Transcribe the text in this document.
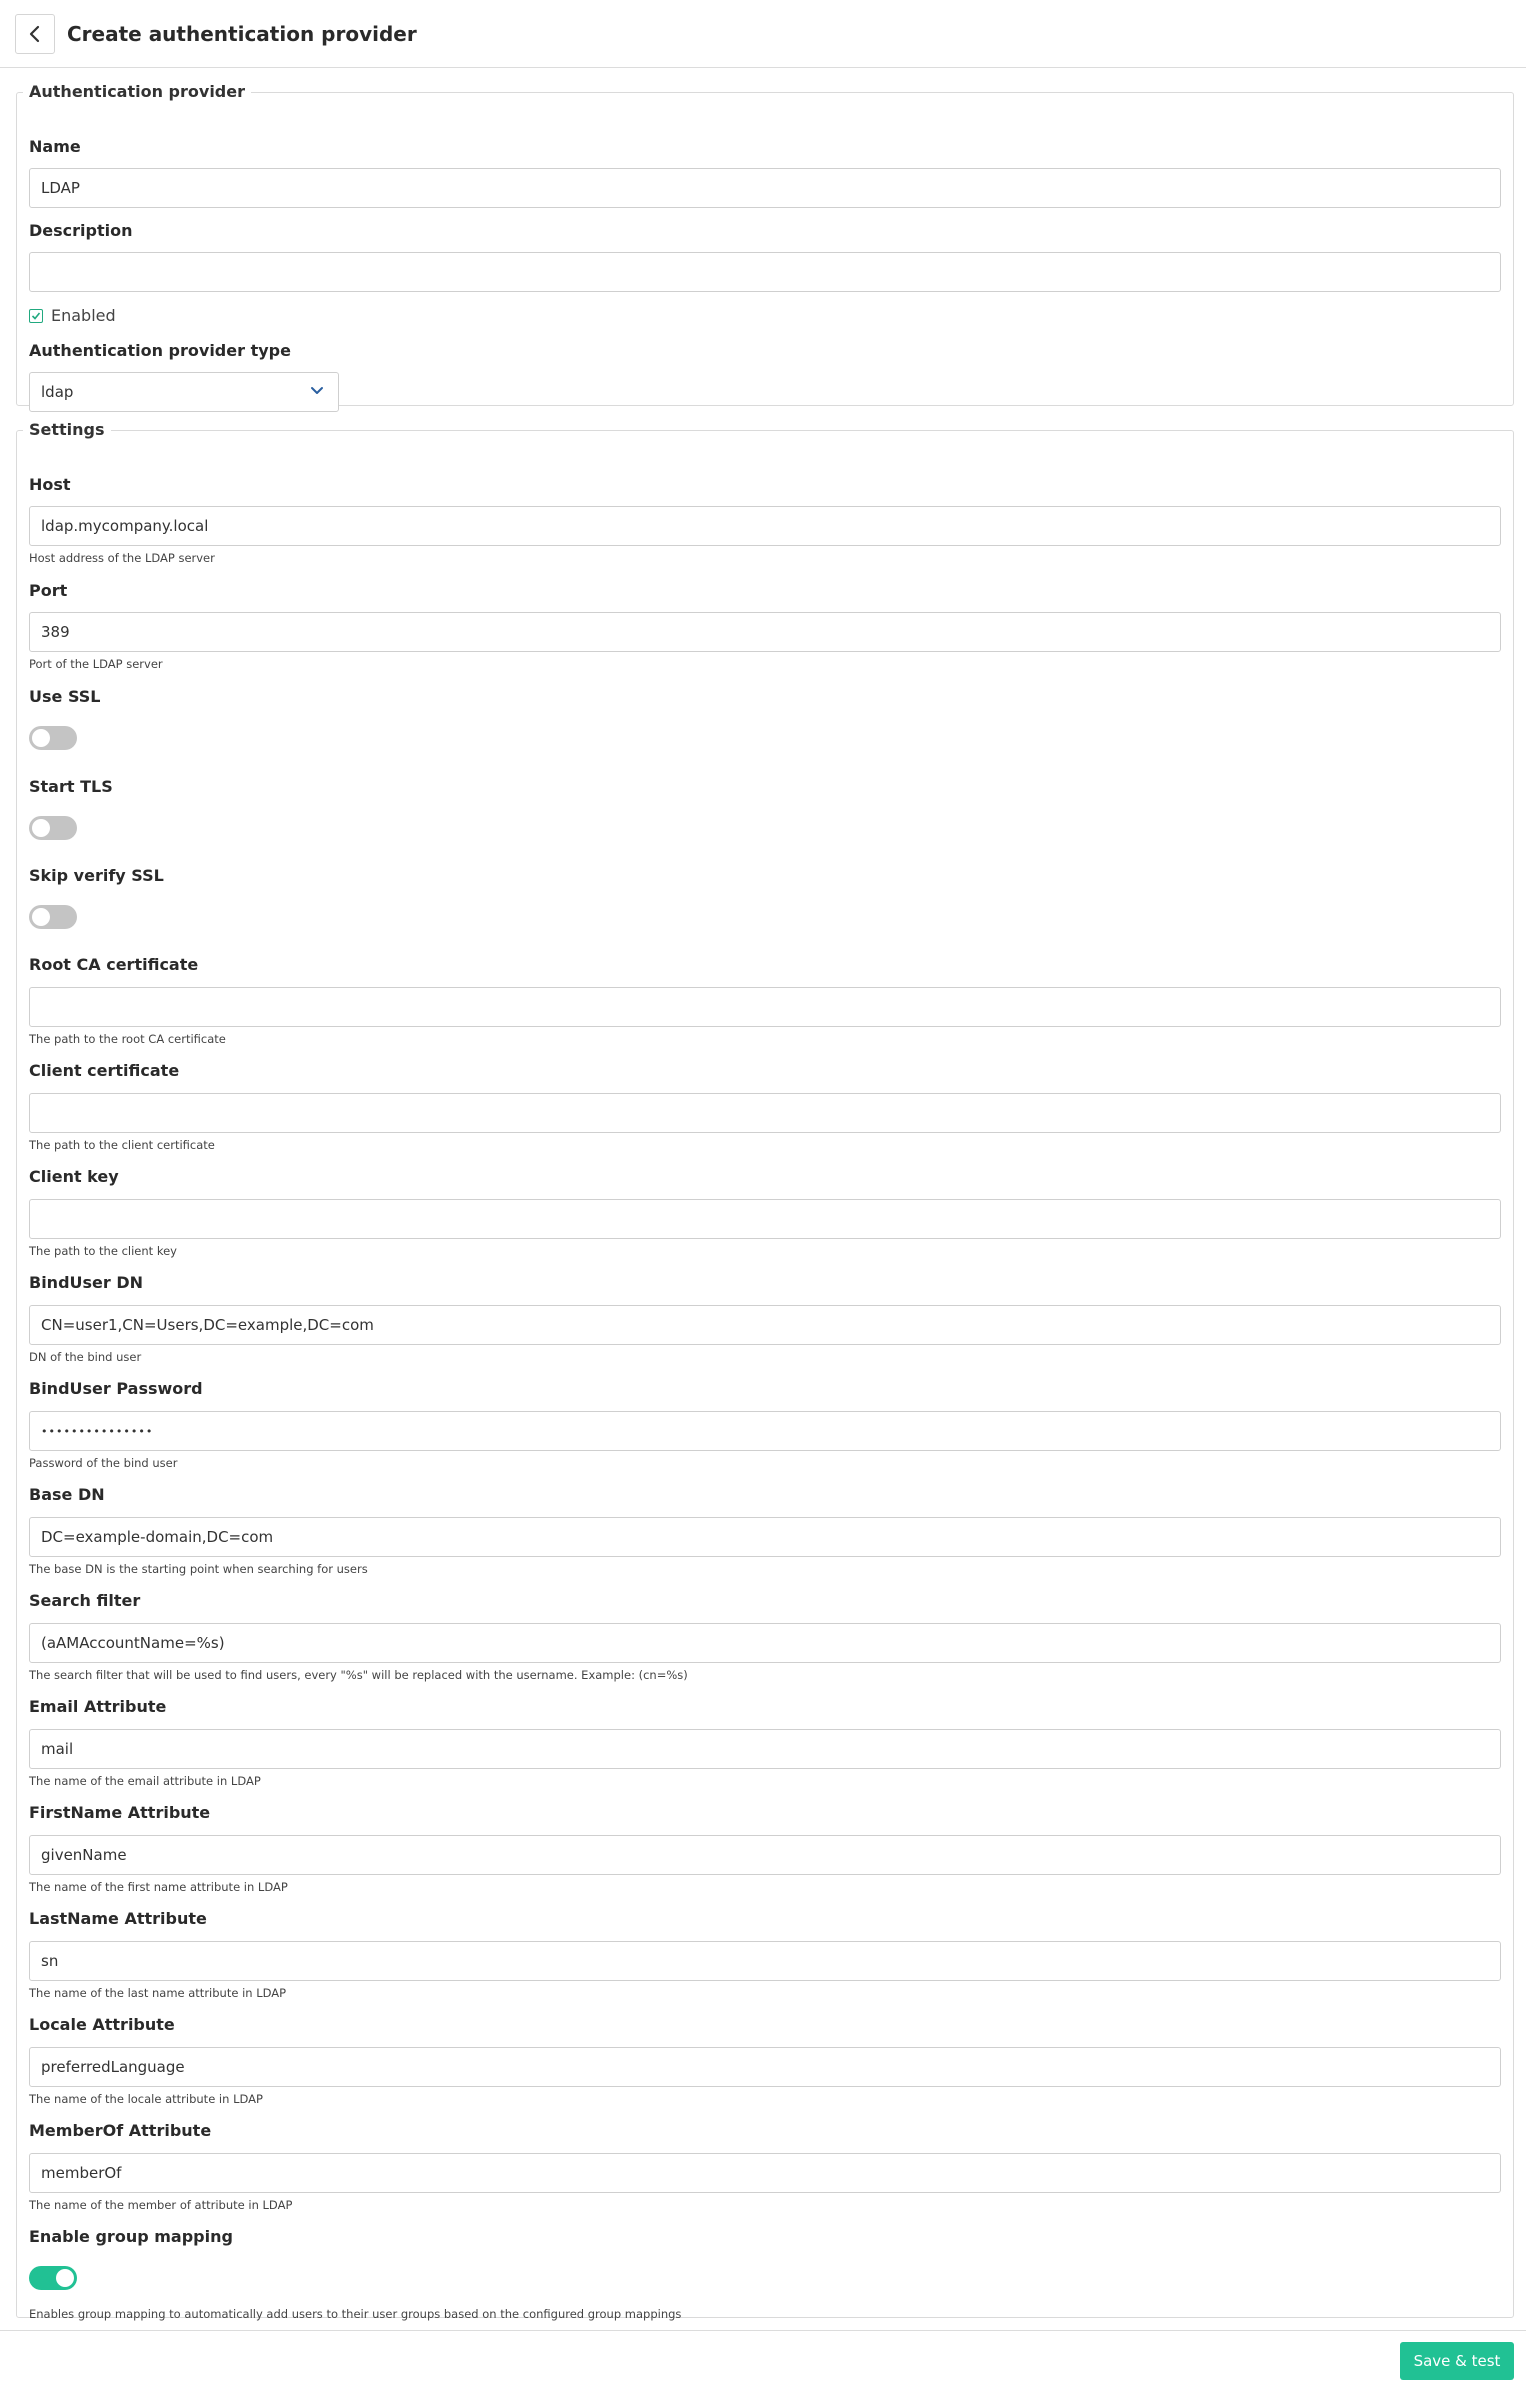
Create authentication provider
Authentication provider
Name
LDAP
Description
Enabled
Authentication provider type
ldap
Settings
Host
ldap.mycompany.local
Host address of the LDAP server
Port
389
Port of the LDAP server
Use SSL
Start TLS
Skip verify SSL
Root CA certificate
The path to the root CA certificate
Client certificate
The path to the client certificate
Client key
The path to the client key
BindUser DN
CN=user1,CN=Users,DC=example,DC=com
DN of the bind user
BindUser Password
•••••••••••••••
Password of the bind user
Base DN
DC=example-domain,DC=com
The base DN is the starting point when searching for users
Search filter
(aAMAccountName=%s)
The search filter that will be used to find users, every "%s" will be replaced with the username. Example: (cn=%s)
Email Attribute
mail
The name of the email attribute in LDAP
FirstName Attribute
givenName
The name of the first name attribute in LDAP
LastName Attribute
sn
The name of the last name attribute in LDAP
Locale Attribute
preferredLanguage
The name of the locale attribute in LDAP
MemberOf Attribute
memberOf
The name of the member of attribute in LDAP
Enable group mapping
Enables group mapping to automatically add users to their user groups based on the configured group mappings
Save & test
